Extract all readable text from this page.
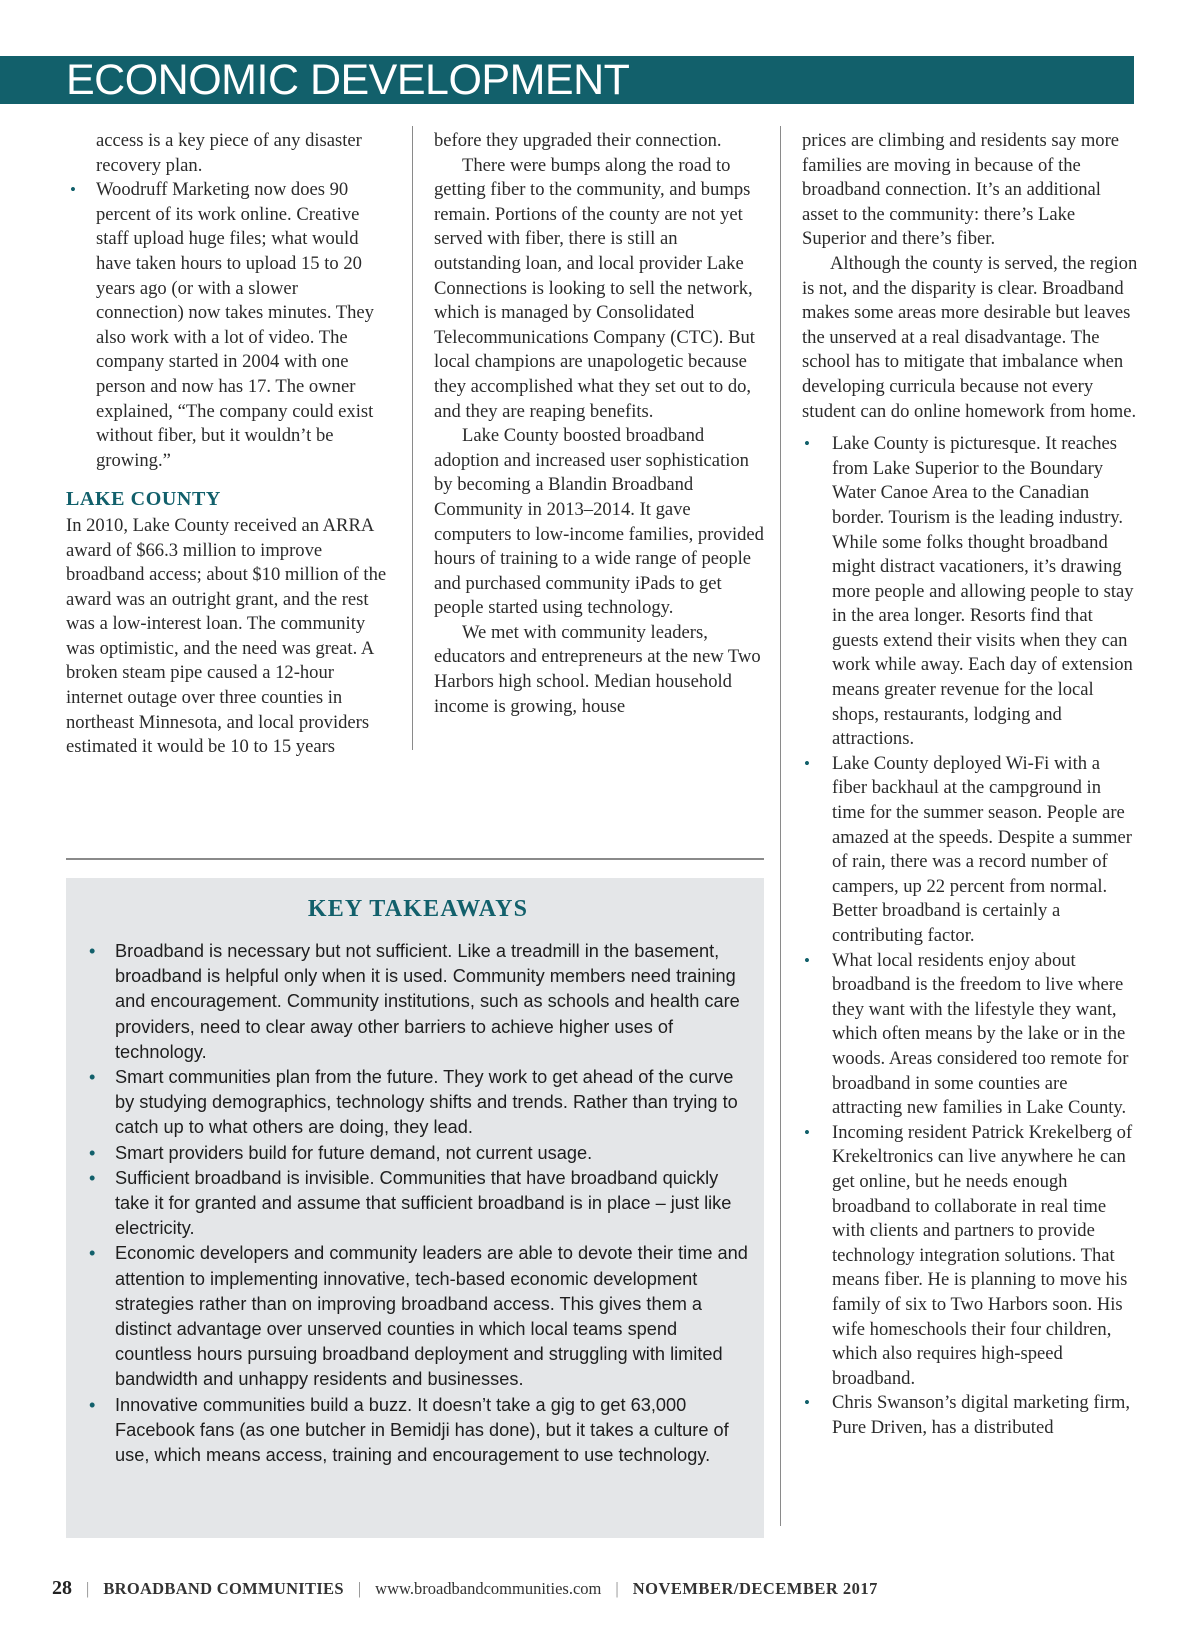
ECONOMIC DEVELOPMENT

access is a key piece of any disaster recovery plan.

• Woodruff Marketing now does 90 percent of its work online. Creative staff upload huge files; what would have taken hours to upload 15 to 20 years ago (or with a slower connection) now takes minutes. They also work with a lot of video. The company started in 2004 with one person and now has 17. The owner explained, “The company could exist without fiber, but it wouldn’t be growing.”
LAKE COUNTY

In 2010, Lake County received an ARRA award of $66.3 million to improve broadband access; about $10 million of the award was an outright grant, and the rest was a low-interest loan. The community was optimistic, and the need was great. A broken steam pipe caused a 12-hour internet outage over three counties in northeast Minnesota, and local providers estimated it would be 10 to 15 years

before they upgraded their connection.

There were bumps along the road to getting fiber to the community, and bumps remain. Portions of the county are not yet served with fiber, there is still an outstanding loan, and local provider Lake Connections is looking to sell the network, which is managed by Consolidated Telecommunications Company (CTC). But local champions are unapologetic because they accomplished what they set out to do, and they are reaping benefits.

Lake County boosted broadband adoption and increased user sophistication by becoming a Blandin Broadband Community in 2013–2014. It gave computers to low-income families, provided hours of training to a wide range of people and purchased community iPads to get people started using technology.

We met with community leaders, educators and entrepreneurs at the new Two Harbors high school. Median household income is growing, house

prices are climbing and residents say more families are moving in because of the broadband connection. It’s an additional asset to the community: there’s Lake Superior and there’s fiber.

Although the county is served, the region is not, and the disparity is clear. Broadband makes some areas more desirable but leaves the unserved at a real disadvantage. The school has to mitigate that imbalance when developing curricula because not every student can do online homework from home.

• Lake County is picturesque. It reaches from Lake Superior to the Boundary Water Canoe Area to the Canadian border. Tourism is the leading industry. While some folks thought broadband might distract vacationers, it’s drawing more people and allowing people to stay in the area longer. Resorts find that guests extend their visits when they can work while away. Each day of extension means greater revenue for the local shops, restaurants, lodging and attractions.
• Lake County deployed Wi-Fi with a fiber backhaul at the campground in time for the summer season. People are amazed at the speeds. Despite a summer of rain, there was a record number of campers, up 22 percent from normal. Better broadband is certainly a contributing factor.
• What local residents enjoy about broadband is the freedom to live where they want with the lifestyle they want, which often means by the lake or in the woods. Areas considered too remote for broadband in some counties are attracting new families in Lake County.
• Incoming resident Patrick Krekelberg of Krekeltronics can live anywhere he can get online, but he needs enough broadband to collaborate in real time with clients and partners to provide technology integration solutions. That means fiber. He is planning to move his family of six to Two Harbors soon. His wife homeschools their four children, which also requires high-speed broadband.
• Chris Swanson’s digital marketing firm, Pure Driven, has a distributed
KEY TAKEAWAYS
• Broadband is necessary but not sufficient. Like a treadmill in the basement, broadband is helpful only when it is used. Community members need training and encouragement. Community institutions, such as schools and health care providers, need to clear away other barriers to achieve higher uses of technology.
• Smart communities plan from the future. They work to get ahead of the curve by studying demographics, technology shifts and trends. Rather than trying to catch up to what others are doing, they lead.
• Smart providers build for future demand, not current usage.
• Sufficient broadband is invisible. Communities that have broadband quickly take it for granted and assume that sufficient broadband is in place – just like electricity.
• Economic developers and community leaders are able to devote their time and attention to implementing innovative, tech-based economic development strategies rather than on improving broadband access. This gives them a distinct advantage over unserved counties in which local teams spend countless hours pursuing broadband deployment and struggling with limited bandwidth and unhappy residents and businesses.
• Innovative communities build a buzz. It doesn’t take a gig to get 63,000 Facebook fans (as one butcher in Bemidji has done), but it takes a culture of use, which means access, training and encouragement to use technology.
28 | BROADBAND COMMUNITIES | www.broadbandcommunities.com | NOVEMBER/DECEMBER 2017
